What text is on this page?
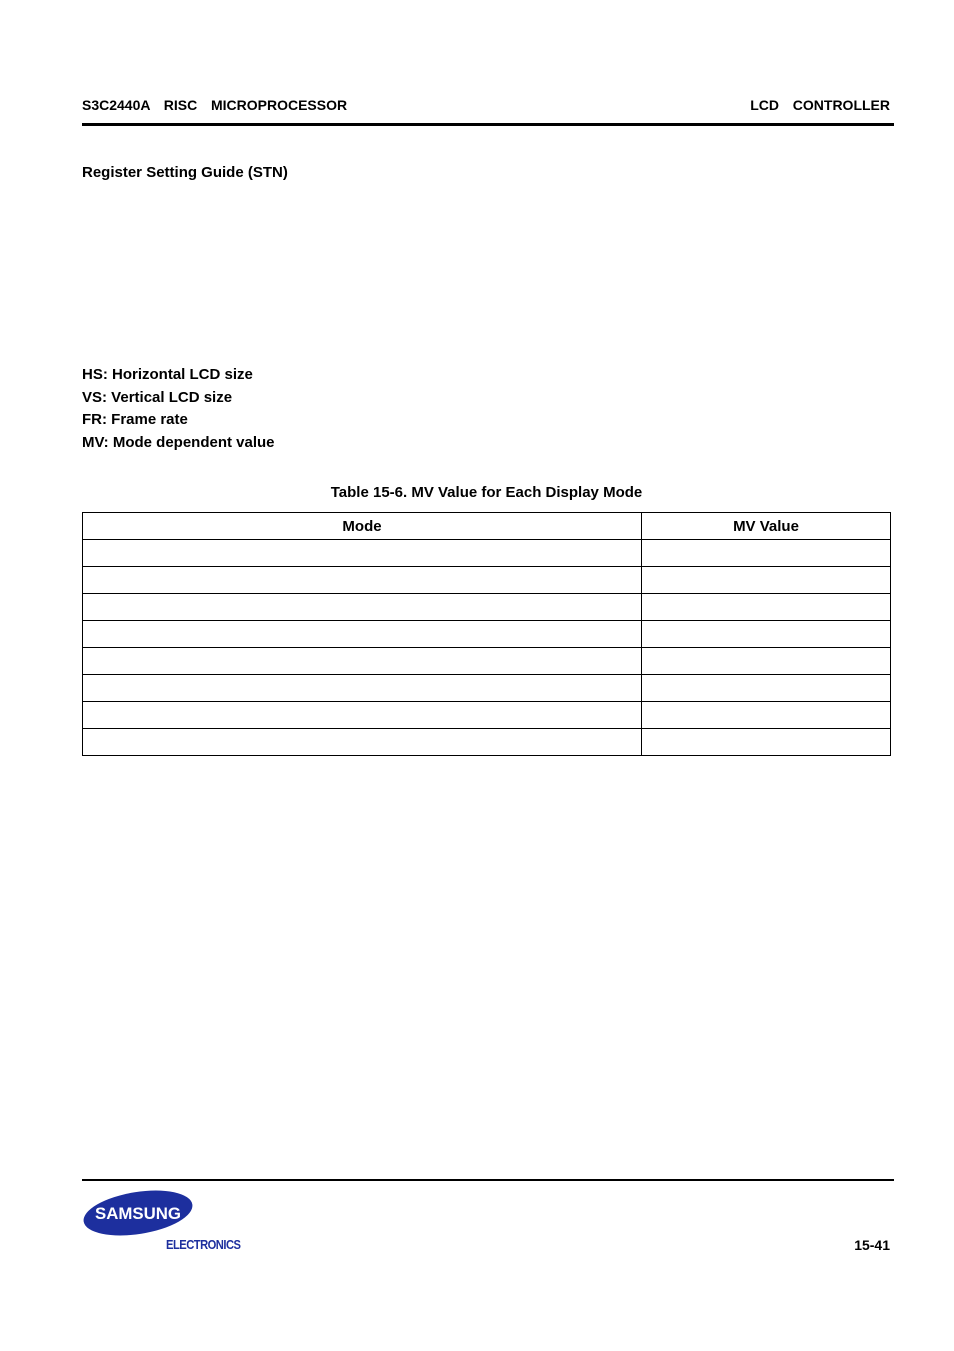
S3C2440A  RISC  MICROPROCESSOR	LCD  CONTROLLER
Register Setting Guide (STN)
HS: Horizontal LCD size
VS: Vertical LCD size
FR: Frame rate
MV: Mode dependent value
Table 15-6. MV Value for Each Display Mode
Mode	MV Value

SAMSUNG
ELECTRONICS	15-41
